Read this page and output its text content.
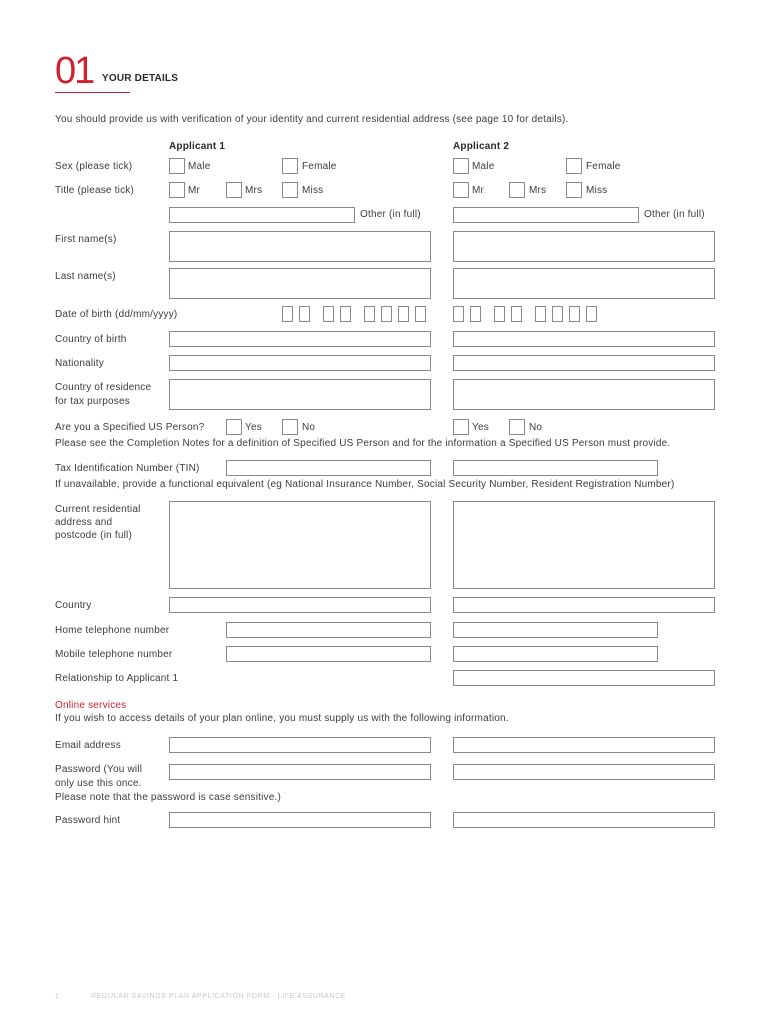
01 YOUR DETAILS
You should provide us with verification of your identity and current residential address (see page 10 for details).
Applicant 1	Applicant 2
Sex (please tick)	Male	Female	Male	Female
Title (please tick)	Mr	Mrs	Miss	Mr	Mrs	Miss
Other (in full)	Other (in full)
First name(s)
Last name(s)
Date of birth (dd/mm/yyyy)
Country of birth
Nationality
Country of residence
for tax purposes
Are you a Specified US Person?	Yes	No	Yes	No
Please see the Completion Notes for a definition of Specified US Person and for the information a Specified US Person must provide.
Tax Identification Number (TIN)
If unavailable, provide a functional equivalent (eg National Insurance Number, Social Security Number, Resident Registration Number)
Current residential
address and
postcode (in full)
Country
Home telephone number
Mobile telephone number
Relationship to Applicant 1
Online services
If you wish to access details of your plan online, you must supply us with the following information.
Email address
Password (You will
only use this once.
Please note that the password is case sensitive.)
Password hint
1	REGULAR SAVINGS PLAN APPLICATION FORM - LIFE ASSURANCE
